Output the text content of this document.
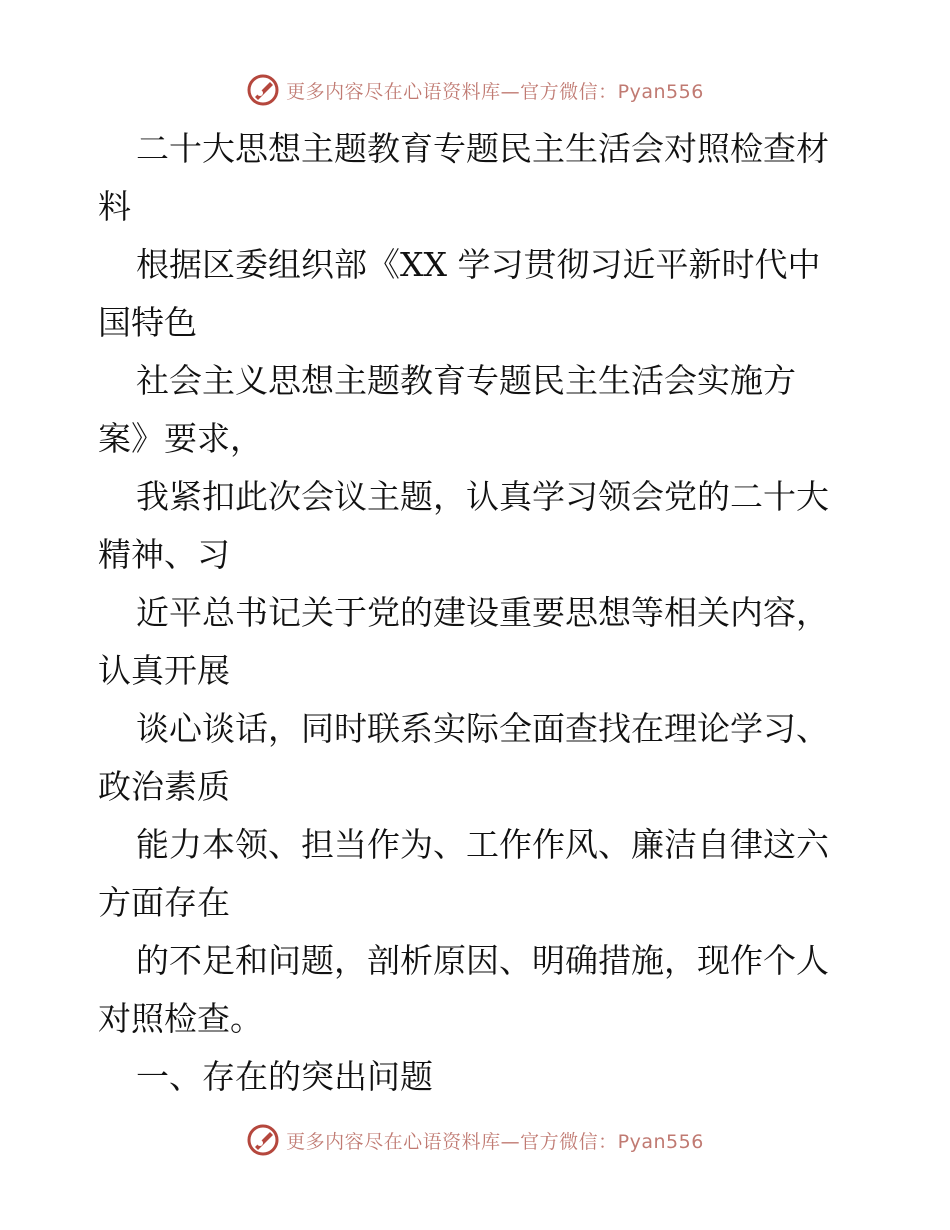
更多内容尽在心语资料库—官方微信：Pyan556

二十大思想主题教育专题民主生活会对照检查材

料

根据区委组织部《XX 学习贯彻习近平新时代中

国特色

社会主义思想主题教育专题民主生活会实施方

案》要求，

我紧扣此次会议主题，认真学习领会党的二十大

精神、习

近平总书记关于党的建设重要思想等相关内容，

认真开展

谈心谈话，同时联系实际全面查找在理论学习、

政治素质

能力本领、担当作为、工作作风、廉洁自律这六

方面存在

的不足和问题，剖析原因、明确措施，现作个人

对照检查。

一、存在的突出问题

更多内容尽在心语资料库—官方微信：Pyan556
